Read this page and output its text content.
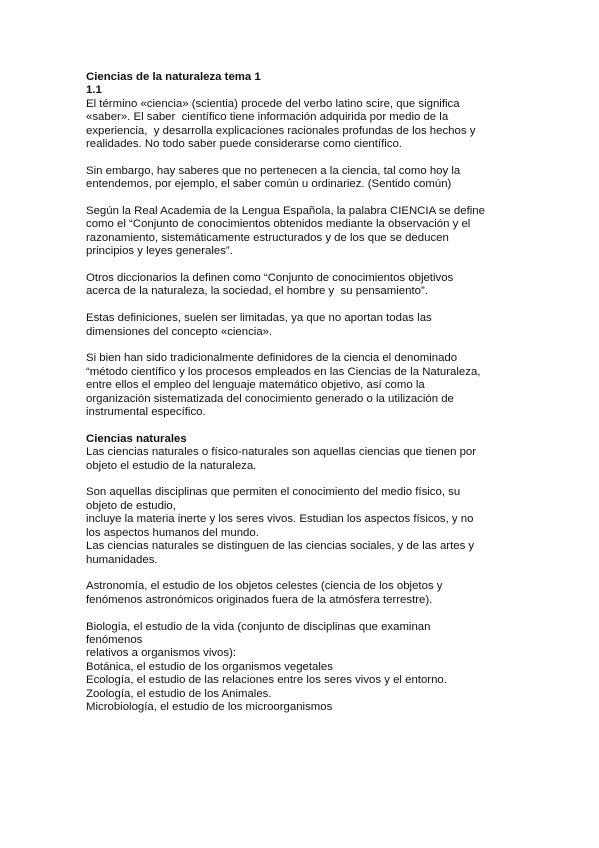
Ciencias de la naturaleza tema 1
1.1

El término «ciencia» (scientia) procede del verbo latino scire, que significa
«saber». El saber  científico tiene información adquirida por medio de la
experiencia,  y desarrolla explicaciones racionales profundas de los hechos y
realidades. No todo saber puede considerarse como científico.

Sin embargo, hay saberes que no pertenecen a la ciencia, tal como hoy la
entendemos, por ejemplo, el saber común u ordinariez. (Sentido común)

Según la Real Academia de la Lengua Española, la palabra CIENCIA se define
como el “Conjunto de conocimientos obtenidos mediante la observación y el
razonamiento, sistemáticamente estructurados y de los que se deducen
principios y leyes generales”.

Otros diccionarios la definen como “Conjunto de conocimientos objetivos
acerca de la naturaleza, la sociedad, el hombre y  su pensamiento”.

Estas definiciones, suelen ser limitadas, ya que no aportan todas las
dimensiones del concepto «ciencia».

Si bien han sido tradicionalmente definidores de la ciencia el denominado
“método científico y los procesos empleados en las Ciencias de la Naturaleza,
entre ellos el empleo del lenguaje matemático objetivo, así como la
organización sistematizada del conocimiento generado o la utilización de
instrumental específico.

Ciencias naturales

Las ciencias naturales o físico-naturales son aquellas ciencias que tienen por
objeto el estudio de la naturaleza.

Son aquellas disciplinas que permiten el conocimiento del medio físico, su
objeto de estudio,
incluye la materia inerte y los seres vivos. Estudian los aspectos físicos, y no
los aspectos humanos del mundo.
Las ciencias naturales se distinguen de las ciencias sociales, y de las artes y
humanidades.

Astronomía, el estudio de los objetos celestes (ciencia de los objetos y
fenómenos astronómicos originados fuera de la atmósfera terrestre).

Biología, el estudio de la vida (conjunto de disciplinas que examinan
fenómenos
relativos a organismos vivos):
Botánica, el estudio de los organismos vegetales
Ecología, el estudio de las relaciones entre los seres vivos y el entorno.
Zoología, el estudio de los Animales.
Microbiología, el estudio de los microorganismos
